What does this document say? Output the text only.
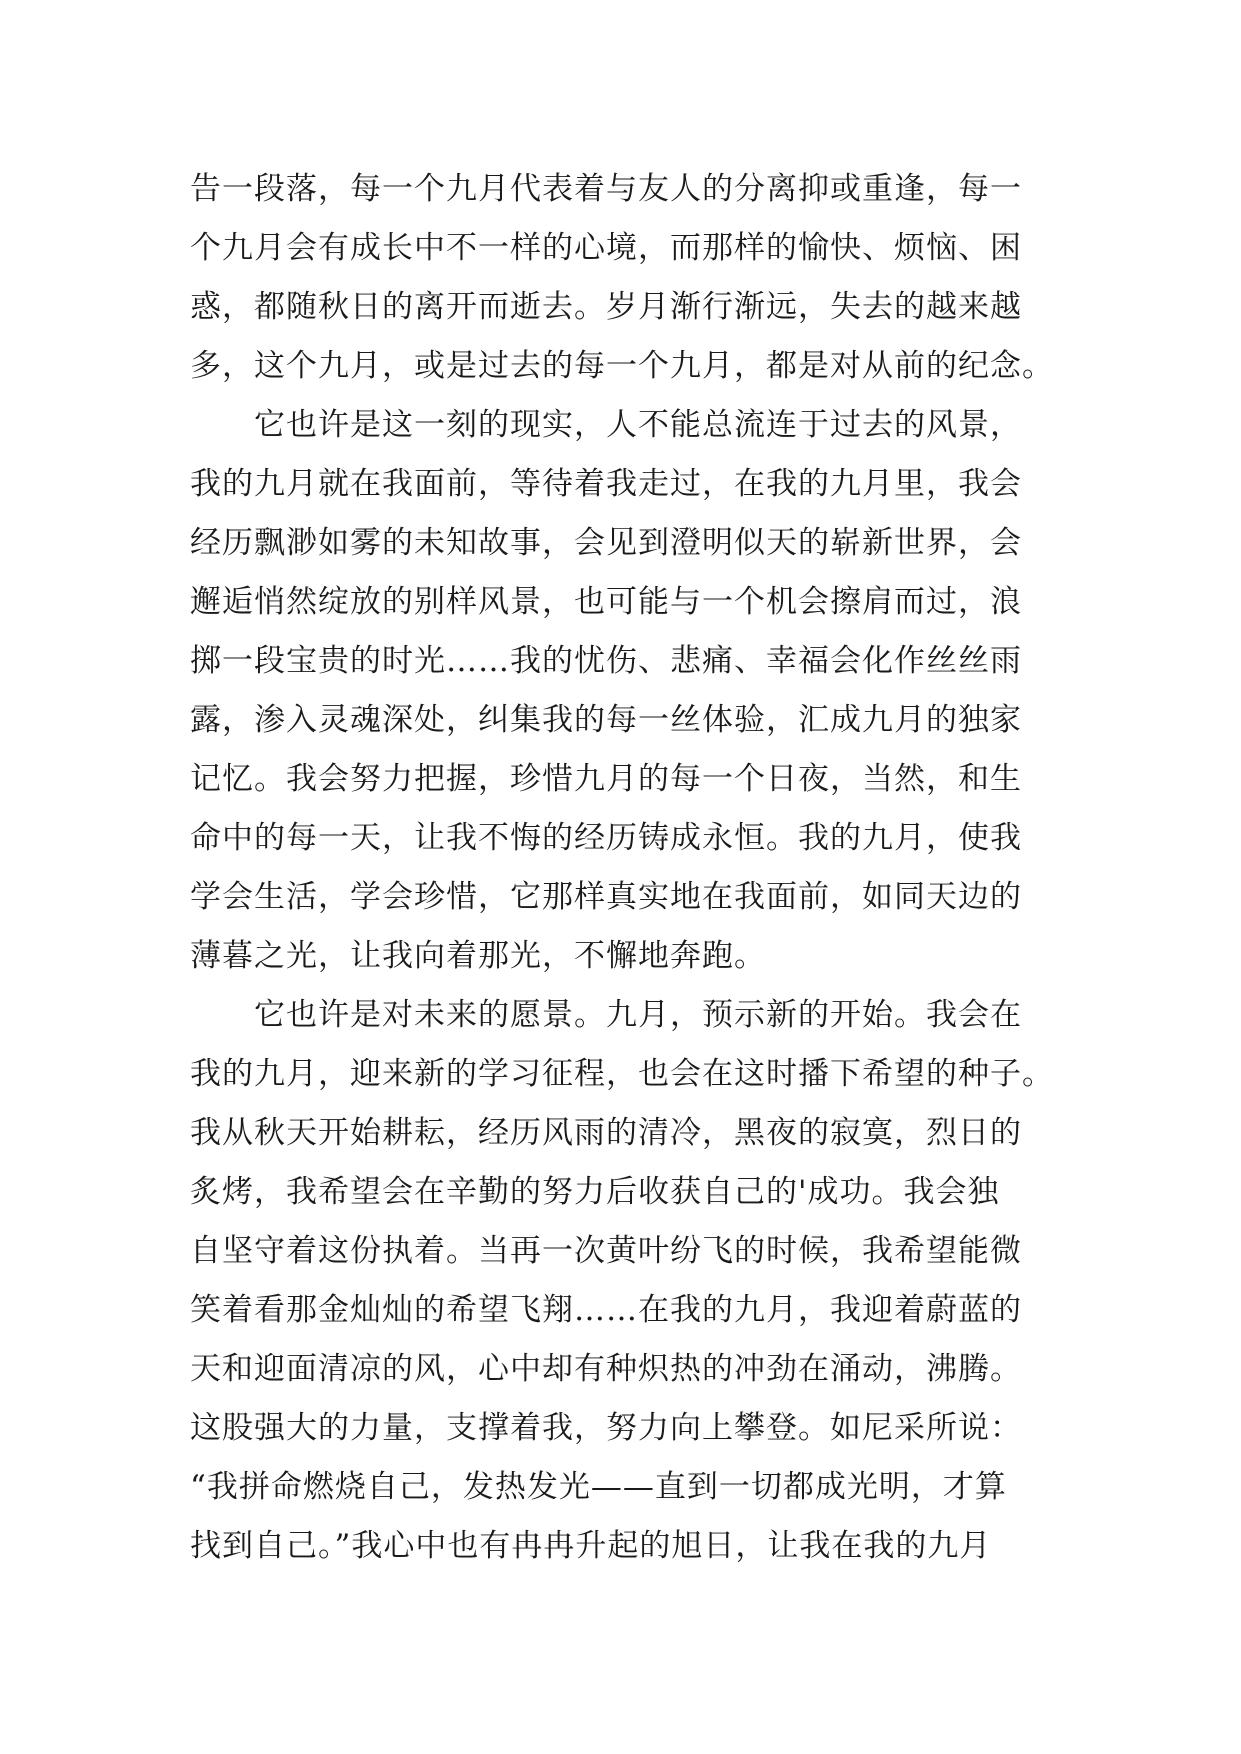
告一段落，每一个九月代表着与友人的分离抑或重逢，每一
个九月会有成长中不一样的心境，而那样的愉快、烦恼、困
惑，都随秋日的离开而逝去。岁月渐行渐远，失去的越来越
多，这个九月，或是过去的每一个九月，都是对从前的纪念。
它也许是这一刻的现实，人不能总流连于过去的风景，
我的九月就在我面前，等待着我走过，在我的九月里，我会
经历飘渺如雾的未知故事，会见到澄明似天的崭新世界，会
邂逅悄然绽放的别样风景，也可能与一个机会擦肩而过，浪
掷一段宝贵的时光……我的忧伤、悲痛、幸福会化作丝丝雨
露，渗入灵魂深处，纠集我的每一丝体验，汇成九月的独家
记忆。我会努力把握，珍惜九月的每一个日夜，当然，和生
命中的每一天，让我不悔的经历铸成永恒。我的九月，使我
学会生活，学会珍惜，它那样真实地在我面前，如同天边的
薄暮之光，让我向着那光，不懈地奔跑。
它也许是对未来的愿景。九月，预示新的开始。我会在
我的九月，迎来新的学习征程，也会在这时播下希望的种子。
我从秋天开始耕耘，经历风雨的清冷，黑夜的寂寞，烈日的
炙烤，我希望会在辛勤的努力后收获自己的'成功。我会独
自坚守着这份执着。当再一次黄叶纷飞的时候，我希望能微
笑着看那金灿灿的希望飞翔……在我的九月，我迎着蔚蓝的
天和迎面清凉的风，心中却有种炽热的冲劲在涌动，沸腾。
这股强大的力量，支撑着我，努力向上攀登。如尼采所说：
“我拼命燃烧自己，发热发光——直到一切都成光明，才算
找到自己。”我心中也有冉冉升起的旭日，让我在我的九月
